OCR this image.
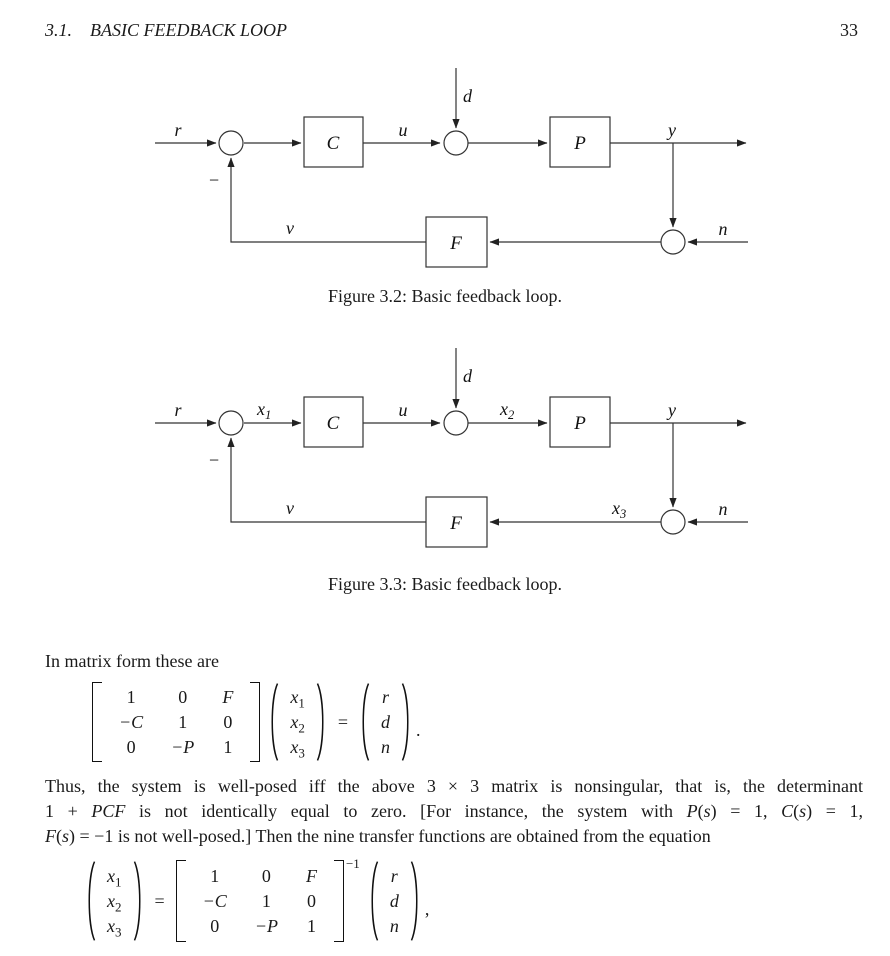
3.1. BASIC FEEDBACK LOOP	33
r
−
C
u
d
P
y
n
v
F
Figure 3.2: Basic feedback loop.
r
−
$x_1$	C
u
d
$x_2$	P
y
$x_3$	n
v
F
Figure 3.3: Basic feedback loop.
In matrix form these are
1	0	F
−C	1	0
0	−P	1
$x_1$
$x_2$
$x_3$
=
r
d
n
.
Thus, the system is well-posed iff the above 3 × 3 matrix is nonsingular, that is, the determinant
1 + PCF is not identically equal to zero. [For instance, the system with P(s) = 1, C(s) = 1,
F(s) = −1 is not well-posed.] Then the nine transfer functions are obtained from the equation
$x_1$
$x_2$
$x_3$
=
1	0	F
−C	1	0
0	−P	1
−1
r
d
n
,
